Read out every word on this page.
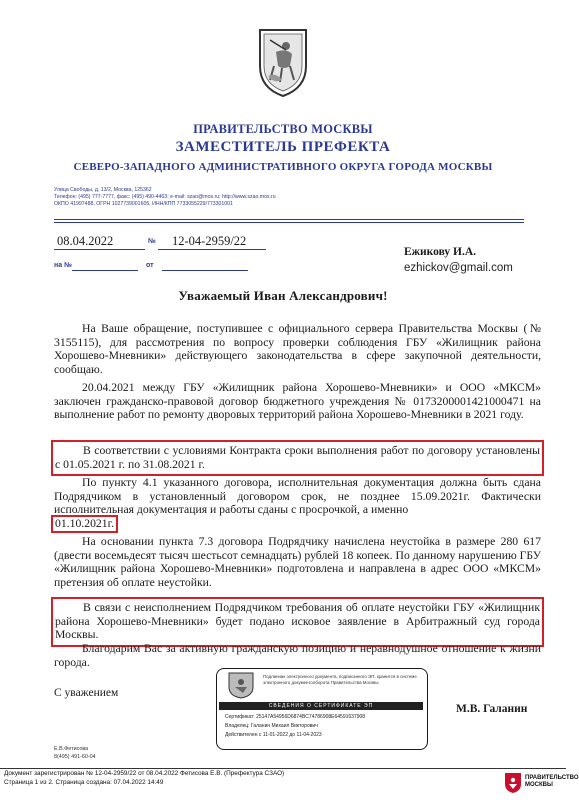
ПРАВИТЕЛЬСТВО МОСКВЫ
ЗАМЕСТИТЕЛЬ ПРЕФЕКТА
СЕВЕРО-ЗАПАДНОГО АДМИНИСТРАТИВНОГО ОКРУГА ГОРОДА МОСКВЫ
Улица Свободы, д. 13/2, Москва, 125362
Телефон: (495) 777-7777, факс: (495) 490-4463; e-mail: szao@mos.ru; http://www.szao.mos.ru
ОКПО 41997488, ОГРН 1027739001605, ИНН/КПП 7733055229/773301001
08.04.2022	№	12-04-2959/22
на №	от
Ежикову И.А.
ezhickov@gmail.com
Уважаемый Иван Александрович!
На Ваше обращение, поступившее с официального сервера Правительства Москвы (№ 3155115), для рассмотрения по вопросу проверки соблюдения ГБУ «Жилищник района Хорошево-Мневники» действующего законодательства в сфере закупочной деятельности, сообщаю.
20.04.2021 между ГБУ «Жилищник района Хорошево-Мневники» и ООО «МКСМ» заключен гражданско-правовой договор бюджетного учреждения № 0173200001421000471 на выполнение работ по ремонту дворовых территорий района Хорошево-Мневники в 2021 году.
В соответствии с условиями Контракта сроки выполнения работ по договору установлены с 01.05.2021 г. по 31.08.2021 г.
По пункту 4.1 указанного договора, исполнительная документация должна быть сдана Подрядчиком в установленный договором срок, не позднее 15.09.2021г. Фактически исполнительная документация и работы сданы с просрочкой, а именно
01.10.2021г.
На основании пункта 7.3 договора Подрядчику начислена неустойка в размере 280 617 (двести восемьдесят тысяч шестьсот семнадцать) рублей 18 копеек. По данному нарушению ГБУ «Жилищник района Хорошево-Мневники» подготовлена и направлена в адрес ООО «МКСМ» претензия об оплате неустойки.
В связи с неисполнением Подрядчиком требования об оплате неустойки ГБУ «Жилищник района Хорошево-Мневники» будет подано исковое заявление в Арбитражный суд города Москвы.
Благодарим Вас за активную гражданскую позицию и неравнодушное отношение к жизни города.
С уважением
М.В. Галанин
Подлинник электронного документа, подписанного ЭП, хранится в системе электронного документооборота Правительства Москвы
СВЕДЕНИЯ О СЕРТИФИКАТЕ ЭП
Сертификат: 25147A54956D6874BC74786908E64591637908
Владелец: Галанин Михаил Викторович
Действителен с 11-01-2022 до 11-04-2023
Е.В.Фетисова
8(495) 491-60-04
Документ зарегистрирован № 12-04-2959/22 от 08.04.2022 Фетисова Е.В. (Префектура СЗАО)
Страница 1 из 2. Страница создана: 07.04.2022 14:49
ПРАВИТЕЛЬСТВО
МОСКВЫ
